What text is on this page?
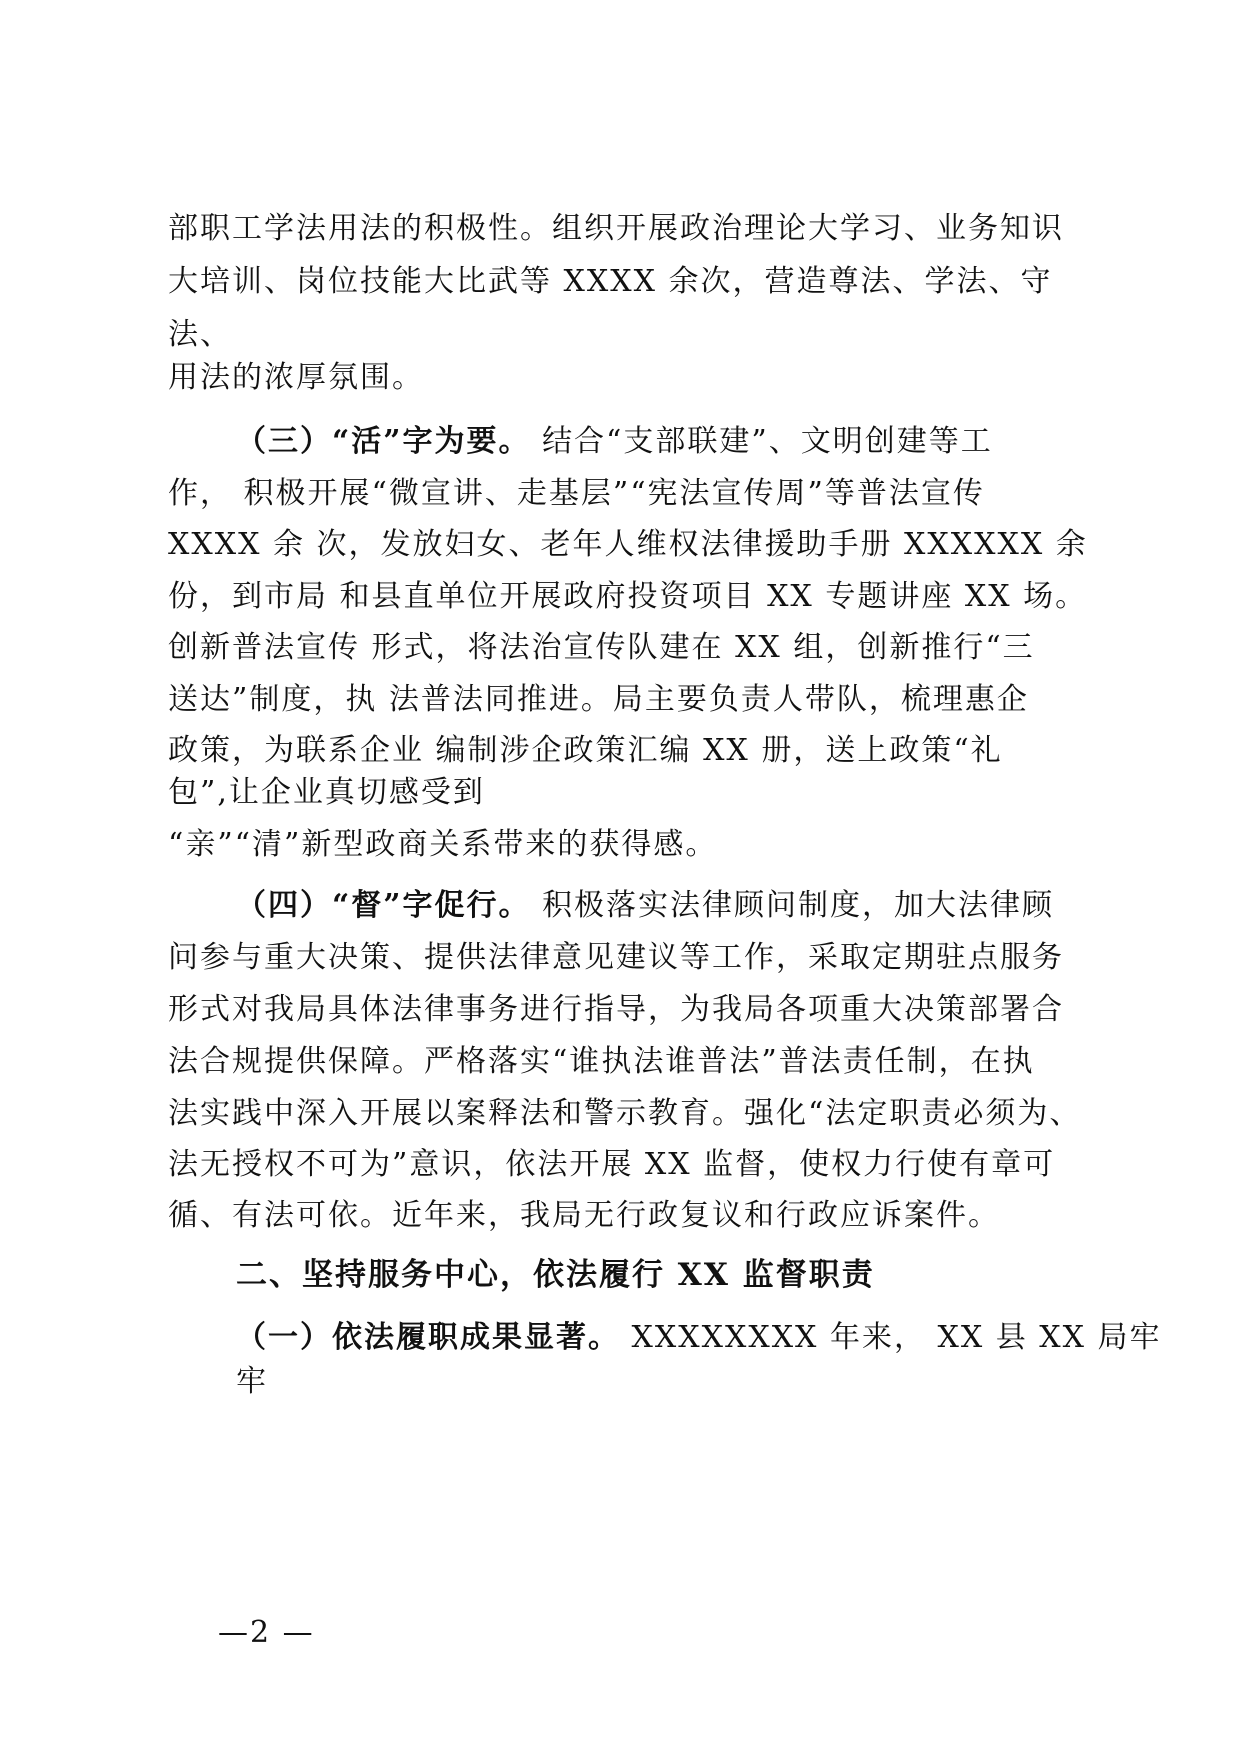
部职工学法用法的积极性。组织开展政治理论大学习、业务知识
大培训、岗位技能大比武等 XXXX 余次，营造尊法、学法、守
法、
用法的浓厚氛围。
（三）“活”字为要。 结合“支部联建”、文明创建等工
作， 积极开展“微宣讲、走基层”“宪法宣传周”等普法宣传
XXXX 余 次，发放妇女、老年人维权法律援助手册 XXXXXX 余
份，到市局 和县直单位开展政府投资项目 XX 专题讲座 XX 场。
创新普法宣传 形式，将法治宣传队建在 XX 组，创新推行“三
送达”制度，执 法普法同推进。局主要负责人带队，梳理惠企
政策，为联系企业 编制涉企政策汇编 XX 册，送上政策“礼
包”,让企业真切感受到
“亲”“清”新型政商关系带来的获得感。
（四）“督”字促行。 积极落实法律顾问制度，加大法律顾
问参与重大决策、提供法律意见建议等工作，采取定期驻点服务
形式对我局具体法律事务进行指导，为我局各项重大决策部署合
法合规提供保障。严格落实“谁执法谁普法”普法责任制，在执
法实践中深入开展以案释法和警示教育。强化“法定职责必须为、
法无授权不可为”意识，依法开展 XX 监督，使权力行使有章可
循、有法可依。近年来，我局无行政复议和行政应诉案件。
二、坚持服务中心，依法履行 XX 监督职责
（一）依法履职成果显著。 XXXXXXXX 年来， XX 县 XX 局牢
牢
—2 —
